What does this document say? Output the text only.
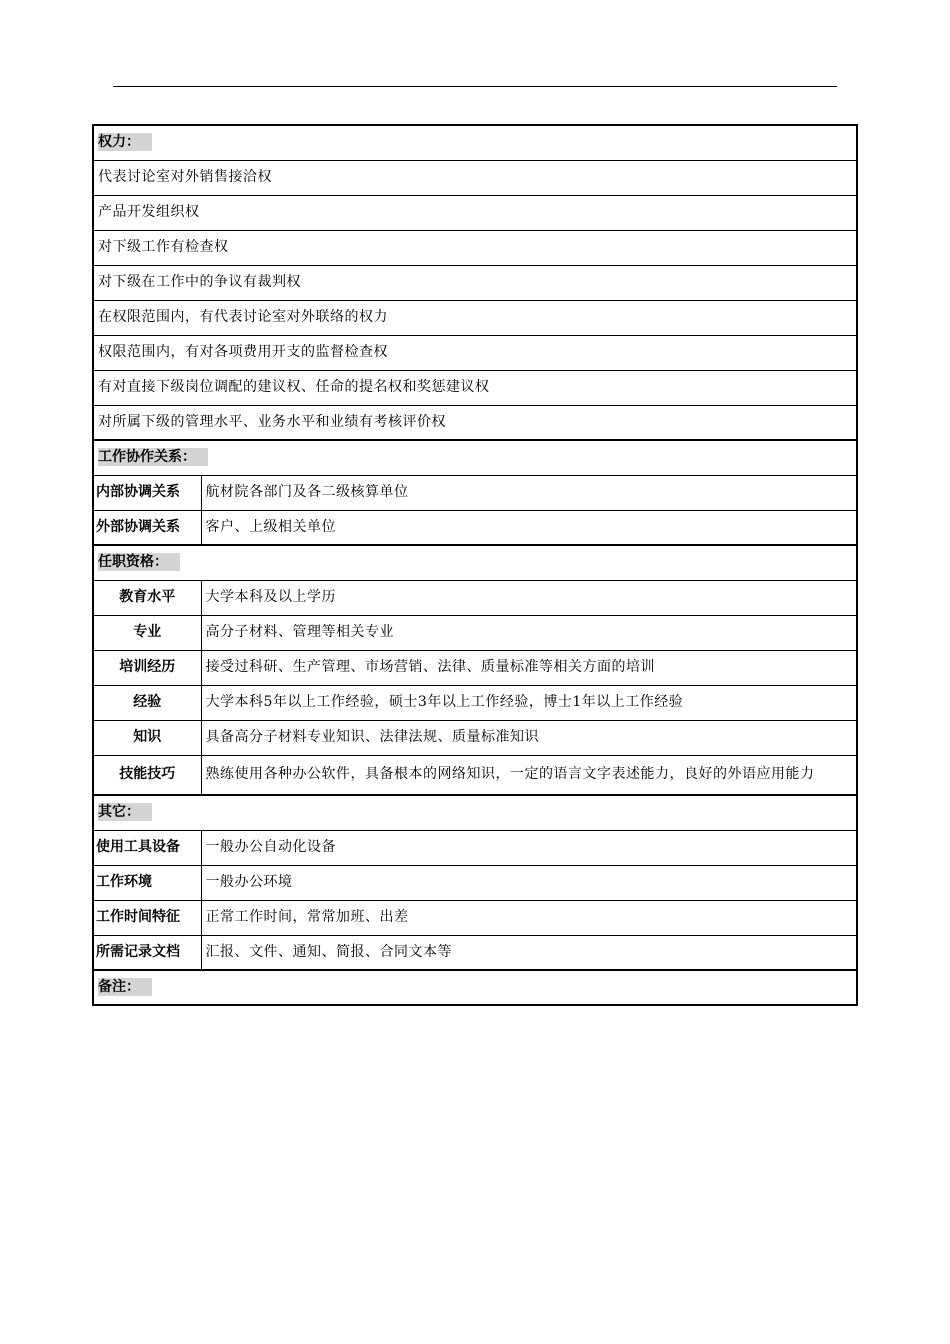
权力：	
代表讨论室对外销售接洽权	
产品开发组织权	
对下级工作有检查权	
对下级在工作中的争议有裁判权	
在权限范围内，有代表讨论室对外联络的权力	
权限范围内，有对各项费用开支的监督检查权	
有对直接下级岗位调配的建议权、任命的提名权和奖惩建议权	
对所属下级的管理水平、业务水平和业绩有考核评价权	
工作协作关系：	
内部协调关系	航材院各部门及各二级核算单位
外部协调关系	客户、上级相关单位
任职资格：	
教育水平	大学本科及以上学历
专业	高分子材料、管理等相关专业
培训经历	接受过科研、生产管理、市场营销、法律、质量标准等相关方面的培训
经验	大学本科5年以上工作经验，硕士3年以上工作经验，博士1年以上工作经验
知识	具备高分子材料专业知识、法律法规、质量标准知识
技能技巧	熟练使用各种办公软件，具备根本的网络知识，一定的语言文字表述能力，良好的外语应用能力
其它：	
使用工具设备	一般办公自动化设备
工作环境	一般办公环境
工作时间特征	正常工作时间，常常加班、出差
所需记录文档	汇报、文件、通知、简报、合同文本等
备注：	
